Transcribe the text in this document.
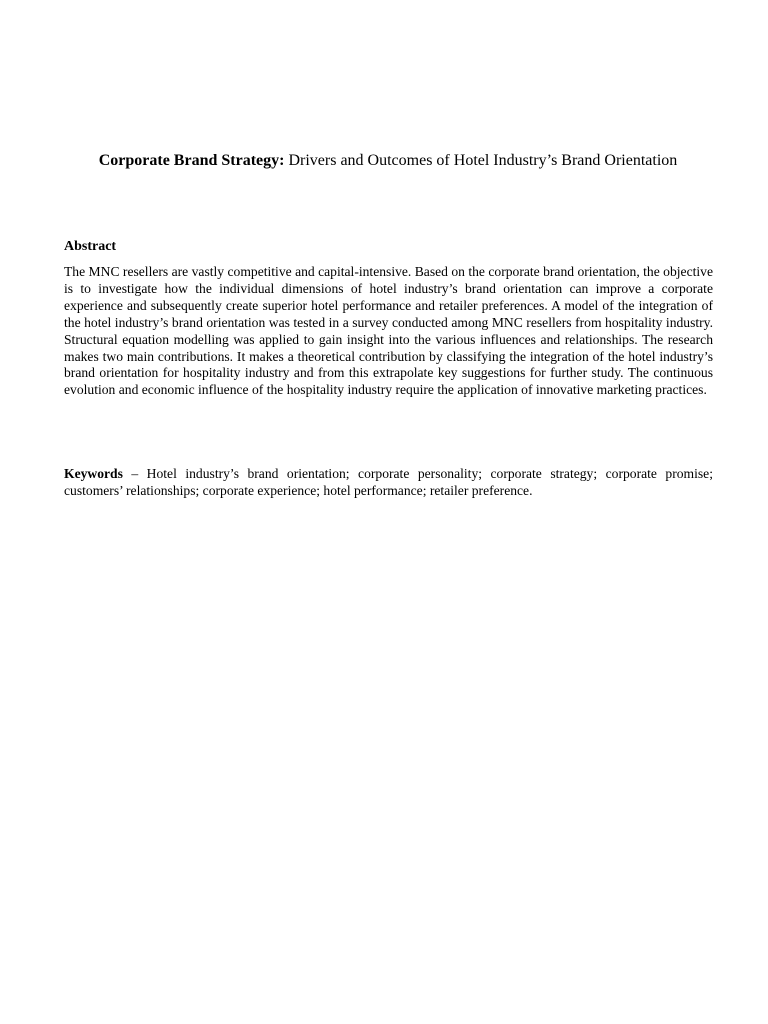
Corporate Brand Strategy: Drivers and Outcomes of Hotel Industry’s Brand Orientation
Abstract

The MNC resellers are vastly competitive and capital-intensive. Based on the corporate brand orientation, the objective is to investigate how the individual dimensions of hotel industry’s brand orientation can improve a corporate experience and subsequently create superior hotel performance and retailer preferences. A model of the integration of the hotel industry’s brand orientation was tested in a survey conducted among MNC resellers from hospitality industry. Structural equation modelling was applied to gain insight into the various influences and relationships. The research makes two main contributions. It makes a theoretical contribution by classifying the integration of the hotel industry’s brand orientation for hospitality industry and from this extrapolate key suggestions for further study. The continuous evolution and economic influence of the hospitality industry require the application of innovative marketing practices.

Keywords – Hotel industry’s brand orientation; corporate personality; corporate strategy; corporate promise; customers’ relationships; corporate experience; hotel performance; retailer preference.
